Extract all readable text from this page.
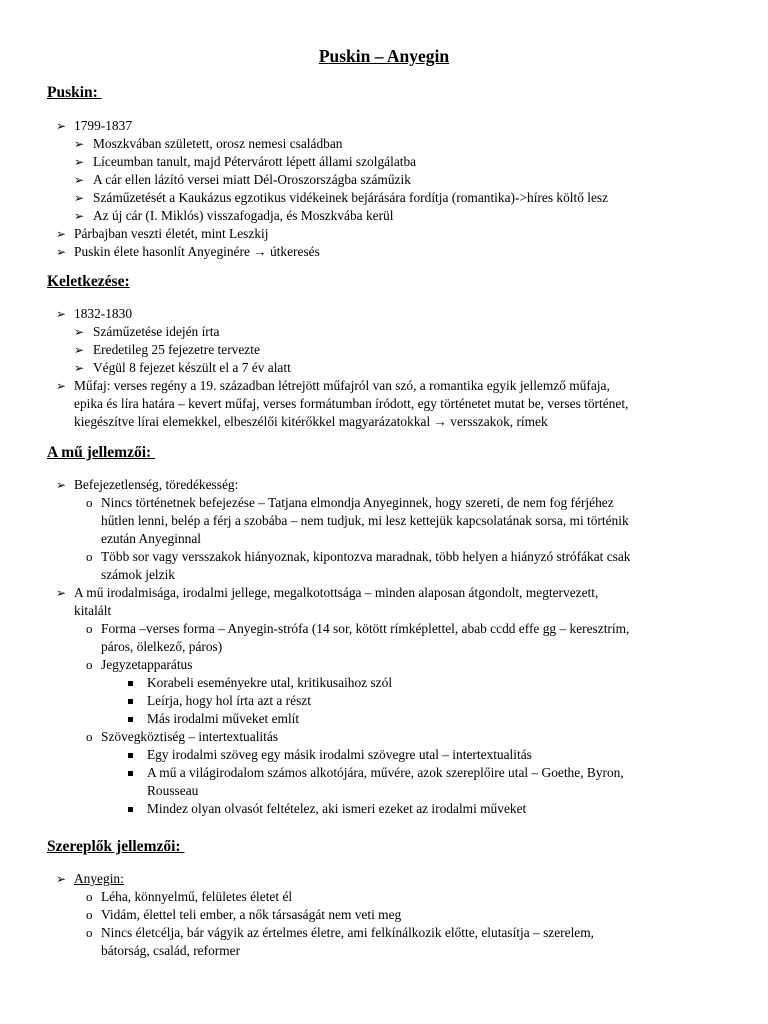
Puskin – Anyegin
Puskin:
➢ 1799-1837
➢ Moszkvában született, orosz nemesi családban
➢ Líceumban tanult, majd Pétervárott lépett állami szolgálatba
➢ A cár ellen lázító versei miatt Dél-Oroszországba száműzik
➢ Száműzetését a Kaukázus egzotikus vidékeinek bejárására fordítja (romantika)->híres költő lesz
➢ Az új cár (I. Miklós) visszafogadja, és Moszkvába kerül
➢ Párbajban veszti életét, mint Leszkij
➢ Puskin élete hasonlít Anyeginére → útkeresés
Keletkezése:
➢ 1832-1830
➢ Száműzetése idején írta
➢ Eredetileg 25 fejezetre tervezte
➢ Végül 8 fejezet készült el a 7 év alatt
➢ Műfaj: verses regény a 19. században létrejött műfajról van szó, a romantika egyik jellemző műfaja,
epika és líra határa – kevert műfaj, verses formátumban íródott, egy történetet mutat be, verses történet,
kiegészítve lírai elemekkel, elbeszélői kitérőkkel magyarázatokkal → versszakok, rímek
A mű jellemzői:
➢ Befejezetlenség, töredékesség:
o Nincs történetnek befejezése – Tatjana elmondja Anyeginnek, hogy szereti, de nem fog férjéhez
hűtlen lenni, belép a férj a szobába – nem tudjuk, mi lesz kettejük kapcsolatának sorsa, mi történik
ezután Anyeginnal
o Több sor vagy versszakok hiányoznak, kipontozva maradnak, több helyen a hiányzó strófákat csak
számok jelzik
➢ A mű irodalmisága, irodalmi jellege, megalkotottsága – minden alaposan átgondolt, megtervezett,
kitalált
o Forma –verses forma – Anyegin-strófa (14 sor, kötött rímképlettel, abab ccdd effe gg – keresztrím,
páros, ölelkező, páros)
o Jegyzetapparátus
Korabeli eseményekre utal, kritikusaihoz szól
Leírja, hogy hol írta azt a részt
Más irodalmi műveket említ
o Szövegköztiség – intertextualitás
Egy irodalmi szöveg egy másik irodalmi szövegre utal – intertextualitás
A mű a világirodalom számos alkotójára, művére, azok szereplőire utal – Goethe, Byron,
Rousseau
Mindez olyan olvasót feltételez, aki ismeri ezeket az irodalmi műveket
Szereplők jellemzői:
➢ Anyegin:
o Léha, könnyelmű, felületes életet él
o Vidám, élettel teli ember, a nők társaságát nem veti meg
o Nincs életcélja, bár vágyik az értelmes életre, ami felkínálkozik előtte, elutasítja – szerelem,
bátorság, család, reformer
